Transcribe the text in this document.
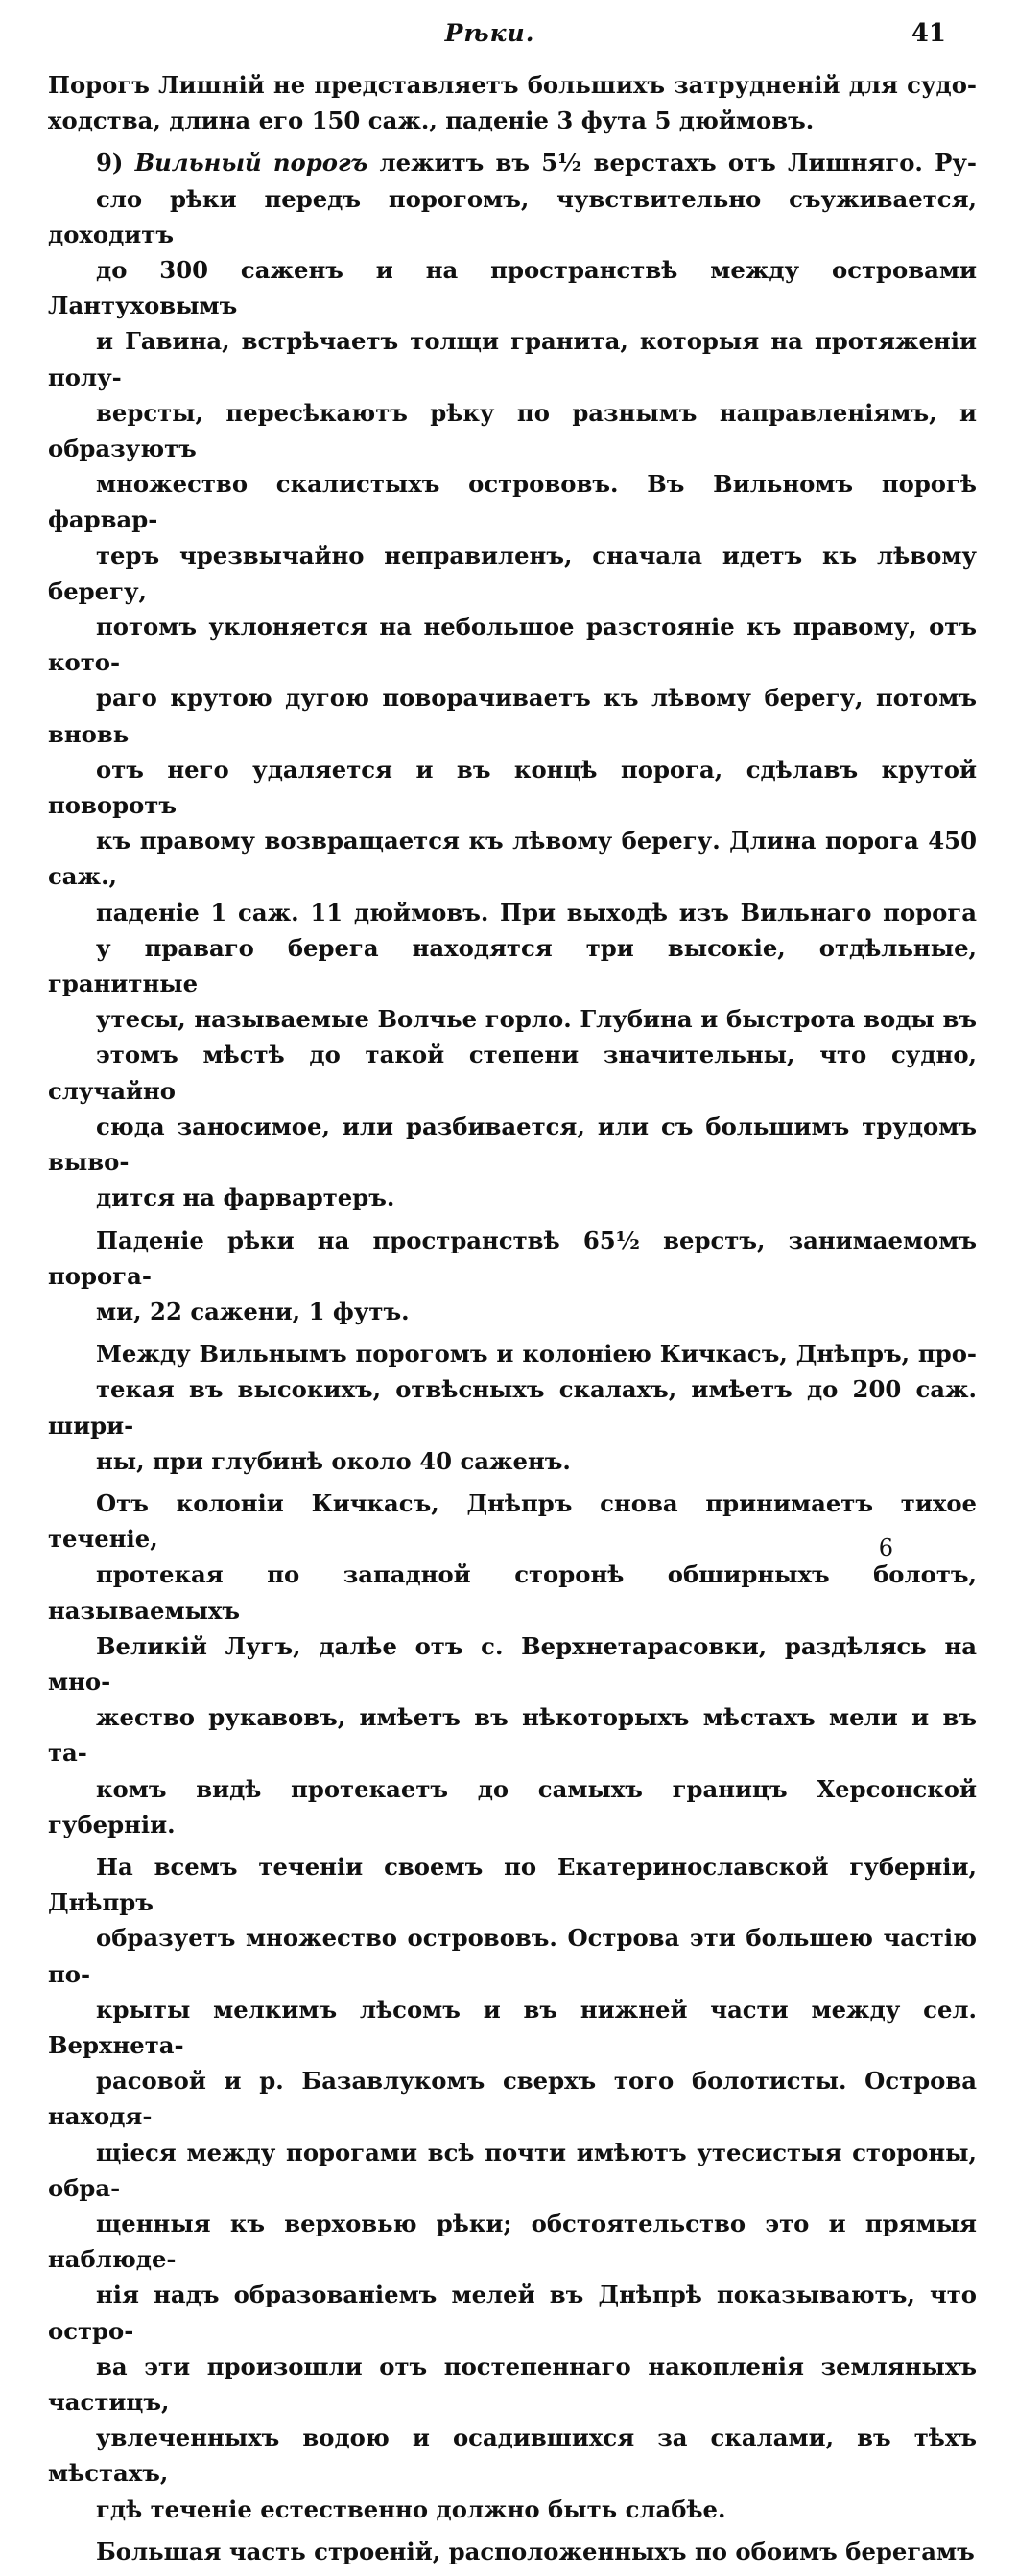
Рѣки.	41

Порогъ Лишній не представляетъ большихъ затрудненій для судо-
ходства, длина его 150 саж., паденіе 3 фута 5 дюймовъ.

9) Вильный порогъ лежитъ въ 5½ верстахъ отъ Лишняго. Ру-
сло рѣки передъ порогомъ, чувствительно съуживается, доходитъ
до 300 саженъ и на пространствѣ между островами Лантуховымъ
и Гавина, встрѣчаетъ толщи гранита, которыя на протяженіи полу-
версты, пересѣкаютъ рѣку по разнымъ направленіямъ, и образуютъ
множество скалистыхъ острововъ. Въ Вильномъ порогѣ фарвар-
теръ чрезвычайно неправиленъ, сначала идетъ къ лѣвому берегу,
потомъ уклоняется на небольшое разстояніе къ правому, отъ кото-
раго крутою дугою поворачиваетъ къ лѣвому берегу, потомъ вновь
отъ него удаляется и въ концѣ порога, сдѣлавъ крутой поворотъ
къ правому возвращается къ лѣвому берегу. Длина порога 450 саж.,
паденіе 1 саж. 11 дюймовъ. При выходѣ изъ Вильнаго порога
у праваго берега находятся три высокіе, отдѣльные, гранитные
утесы, называемые Волчье горло. Глубина и быстрота воды въ
этомъ мѣстѣ до такой степени значительны, что судно, случайно
сюда заносимое, или разбивается, или съ большимъ трудомъ выво-
дится на фарвартеръ.

Паденіе рѣки на пространствѣ 65½ верстъ, занимаемомъ порога-
ми, 22 сажени, 1 футъ.

Между Вильнымъ порогомъ и колоніею Кичкасъ, Днѣпръ, про-
текая въ высокихъ, отвѣсныхъ скалахъ, имѣетъ до 200 саж. шири-
ны, при глубинѣ около 40 саженъ.

Отъ колоніи Кичкасъ, Днѣпръ снова принимаетъ тихое теченіе,
протекая по западной сторонѣ обширныхъ болотъ, называемыхъ
Великій Лугъ, далѣе отъ с. Верхнетарасовки, раздѣлясь на мно-
жество рукавовъ, имѣетъ въ нѣкоторыхъ мѣстахъ мели и въ та-
комъ видѣ протекаетъ до самыхъ границъ Херсонской губерніи.

На всемъ теченіи своемъ по Екатеринославской губерніи, Днѣпръ
образуетъ множество острововъ. Острова эти большею частію по-
крыты мелкимъ лѣсомъ и въ нижней части между сел. Верхнета-
расовой и р. Базавлукомъ сверхъ того болотисты. Острова находя-
щіеся между порогами всѣ почти имѣютъ утесистыя стороны, обра-
щенныя къ верховью рѣки; обстоятельство это и прямыя наблюде-
нія надъ образованіемъ мелей въ Днѣпрѣ показываютъ, что остро-
ва эти произошли отъ постепеннаго накопленія земляныхъ частицъ,
увлеченныхъ водою и осадившихся за скалами, въ тѣхъ мѣстахъ,
гдѣ теченіе естественно должно быть слабѣе.

Большая часть строеній, расположенныхъ по обоимъ берегамъ

6
